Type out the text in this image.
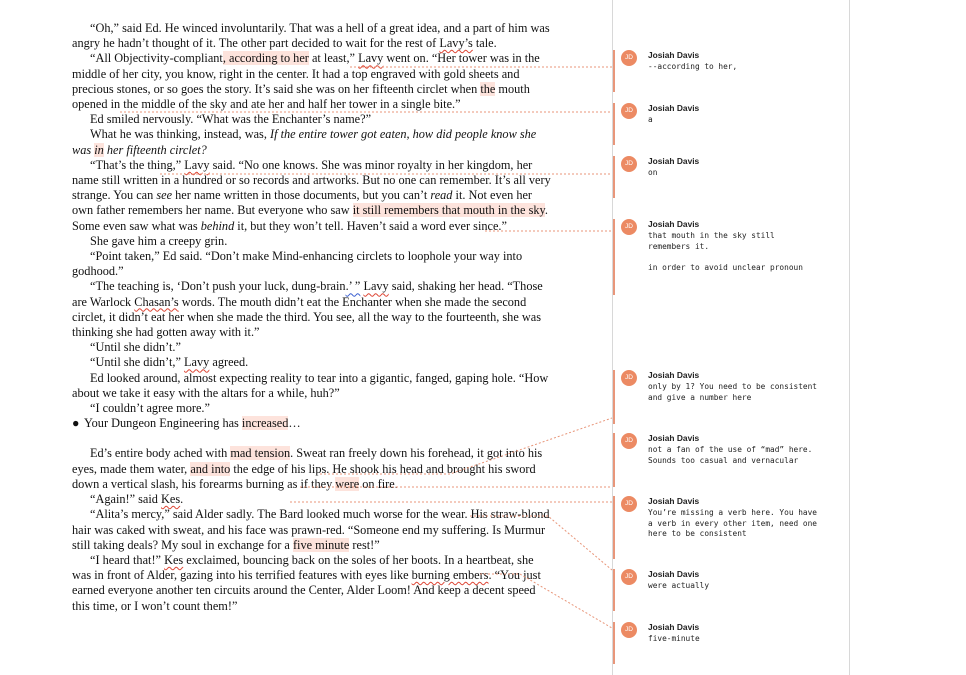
“Oh,” said Ed. He winced involuntarily. That was a hell of a great idea, and a part of him was angry he hadn’t thought of it. The other part decided to wait for the rest of Lavy’s tale.

“All Objectivity-compliant, according to her at least,” Lavy went on. “Her tower was in the middle of her city, you know, right in the center. It had a top engraved with gold sheets and precious stones, or so goes the story. It’s said she was on her fifteenth circlet when the mouth opened in the middle of the sky and ate her and half her tower in a single bite.”

Ed smiled nervously. “What was the Enchanter’s name?”

What he was thinking, instead, was, If the entire tower got eaten, how did people know she was in her fifteenth circlet?

“That’s the thing,” Lavy said. “No one knows. She was minor royalty in her kingdom, her name still written in a hundred or so records and artworks. But no one can remember. It’s all very strange. You can see her name written in those documents, but you can’t read it. Not even her own father remembers her name. But everyone who saw it still remembers that mouth in the sky. Some even saw what was behind it, but they won’t tell. Haven’t said a word ever since.”

She gave him a creepy grin.

“Point taken,” Ed said. “Don’t make Mind-enhancing circlets to loophole your way into godhood.”

“The teaching is, ‘Don’t push your luck, dung-brain.’ ” Lavy said, shaking her head. “Those are Warlock Chasan’s words. The mouth didn’t eat the Enchanter when she made the second circlet, it didn’t eat her when she made the third. You see, all the way to the fourteenth, she was thinking she had gotten away with it.”

“Until she didn’t.”

“Until she didn’t,” Lavy agreed.

Ed looked around, almost expecting reality to tear into a gigantic, fanged, gaping hole. “How about we take it easy with the altars for a while, huh?”

“I couldn’t agree more.”

● Your Dungeon Engineering has increased…

Ed’s entire body ached with mad tension. Sweat ran freely down his forehead, it got into his eyes, made them water, and into the edge of his lips. He shook his head and brought his sword down a vertical slash, his forearms burning as if they were on fire.

“Again!” said Kes.

“Alita’s mercy,” said Alder sadly. The Bard looked much worse for the wear. His straw-blond hair was caked with sweat, and his face was prawn-red. “Someone end my suffering. Is Murmur still taking deals? My soul in exchange for a five minute rest!”

“I heard that!” Kes exclaimed, bouncing back on the soles of her boots. In a heartbeat, she was in front of Alder, gazing into his terrified features with eyes like burning embers. “You just earned everyone another ten circuits around the Center, Alder Loom! And keep a decent speed this time, or I won’t count them!”

JD	Josiah Davis
--according to her,
JD	Josiah Davis
a
JD	Josiah Davis
on
JD	Josiah Davis
that mouth in the sky still
remembers it.

in order to avoid unclear pronoun
JD	Josiah Davis
only by 1? You need to be consistent
and give a number here
JD	Josiah Davis
not a fan of the use of “mad” here.
Sounds too casual and vernacular
JD	Josiah Davis
You’re missing a verb here. You have
a verb in every other item, need one
here to be consistent
JD	Josiah Davis
were actually
JD	Josiah Davis
five-minute
